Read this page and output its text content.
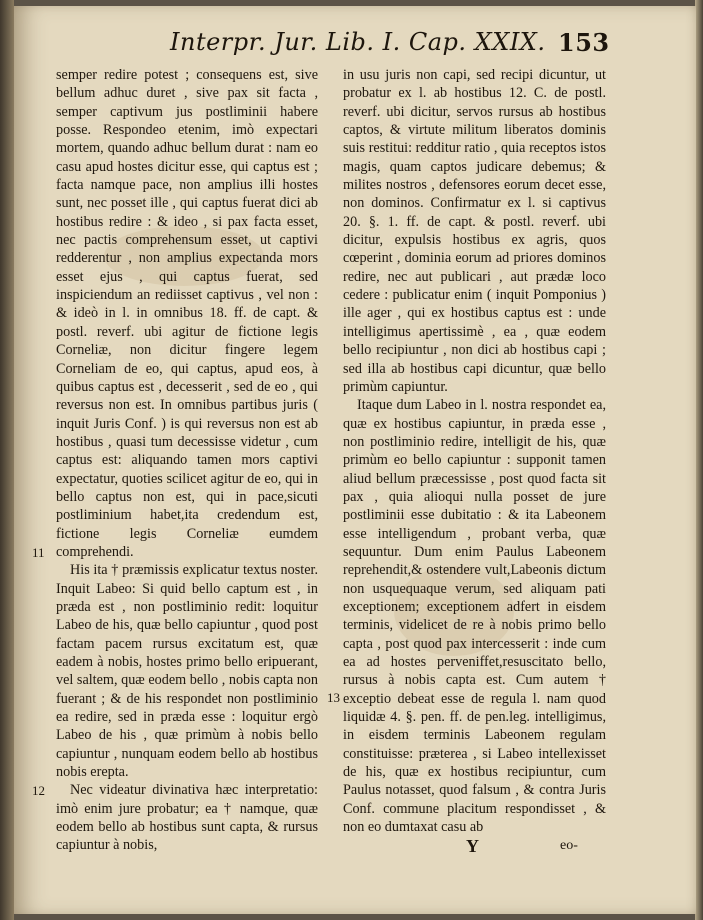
Interpr. Jur. Lib. I. Cap. XXIX. 153

semper redire potest ; consequens est, sive bellum adhuc duret , sive pax sit facta , semper captivum jus postliminii habere posse. Respondeo etenim, imò expectari mortem, quando adhuc bellum durat : nam eo casu apud hostes dicitur esse, qui captus est ; facta namque pace, non amplius illi hostes sunt, nec posset ille , qui captus fuerat dici ab hostibus redire : & ideo , si pax facta esset, nec pactis comprehensum esset, ut captivi redderentur , non amplius expectanda mors esset ejus , qui captus fuerat, sed inspiciendum an rediisset captivus , vel non : & ideò in l. in omnibus 18. ff. de capt. & postl. reverf. ubi agitur de fictione legis Corneliæ, non dicitur fingere legem Corneliam de eo, qui captus, apud eos, à quibus captus est , decesserit , sed de eo , qui reversus non est. In omnibus partibus juris ( inquit Juris Conf. ) is qui reversus non est ab hostibus , quasi tum decessisse videtur , cum captus est: aliquando tamen mors captivi expectatur, quoties scilicet agitur de eo, qui in bello captus non est, qui in pace,sicuti postliminium habet,ita credendum est, fictione legis Corneliæ eumdem comprehendi.

His ita † præmissis explicatur textus noster. Inquit Labeo: Si quid bello captum est , in præda est , non postliminio redit: loquitur Labeo de his, quæ bello capiuntur , quod post factam pacem rursus excitatum est, quæ eadem à nobis, hostes primo bello eripuerant, vel saltem, quæ eodem bello , nobis capta non fuerant ; & de his respondet non postliminio ea redire, sed in præda esse : loquitur ergò Labeo de his , quæ primùm à nobis bello capiuntur , nunquam eodem bello ab hostibus nobis erepta.

Nec videatur divinativa hæc interpretatio: imò enim jure probatur; ea † namque, quæ eodem bello ab hostibus sunt capta, & rursus capiuntur à nobis,

in usu juris non capi, sed recipi dicuntur, ut probatur ex l. ab hostibus 12. C. de postl. reverf. ubi dicitur, servos rursus ab hostibus captos, & virtute militum liberatos dominis suis restitui: redditur ratio , quia receptos istos magis, quam captos judicare debemus; & milites nostros , defensores eorum decet esse, non dominos. Confirmatur ex l. si captivus 20. §. 1. ff. de capt. & postl. reverf. ubi dicitur, expulsis hostibus ex agris, quos cœperint , dominia eorum ad priores dominos redire, nec aut publicari , aut prædæ loco cedere : publicatur enim ( inquit Pomponius ) ille ager , qui ex hostibus captus est : unde intelligimus apertissimè , ea , quæ eodem bello recipiuntur , non dici ab hostibus capi ; sed illa ab hostibus capi dicuntur, quæ bello primùm capiuntur.

Itaque dum Labeo in l. nostra respondet ea, quæ ex hostibus capiuntur, in præda esse , non postliminio redire, intelligit de his, quæ primùm eo bello capiuntur : supponit tamen aliud bellum præcessisse , post quod facta sit pax , quia alioqui nulla posset de jure postliminii esse dubitatio : & ita Labeonem esse intelligendum , probant verba, quæ sequuntur. Dum enim Paulus Labeonem reprehendit,& ostendere vult,Labeonis dictum non usquequaque verum, sed aliquam pati exceptionem; exceptionem adfert in eisdem terminis, videlicet de re à nobis primo bello capta , post quod pax intercesserit : inde cum ea ad hostes perveniffet,resuscitato bello, rursus à nobis capta est. Cum autem † exceptio debeat esse de regula l. nam quod liquidæ 4. §. pen. ff. de pen.leg. intelligimus, in eisdem terminis Labeonem regulam constituisse: præterea , si Labeo intellexisset de his, quæ ex hostibus recipiuntur, cum Paulus notasset, quod falsum , & contra Juris Conf. commune placitum respondisset , & non eo dumtaxat casu ab

11
12
13
Y	eo-
